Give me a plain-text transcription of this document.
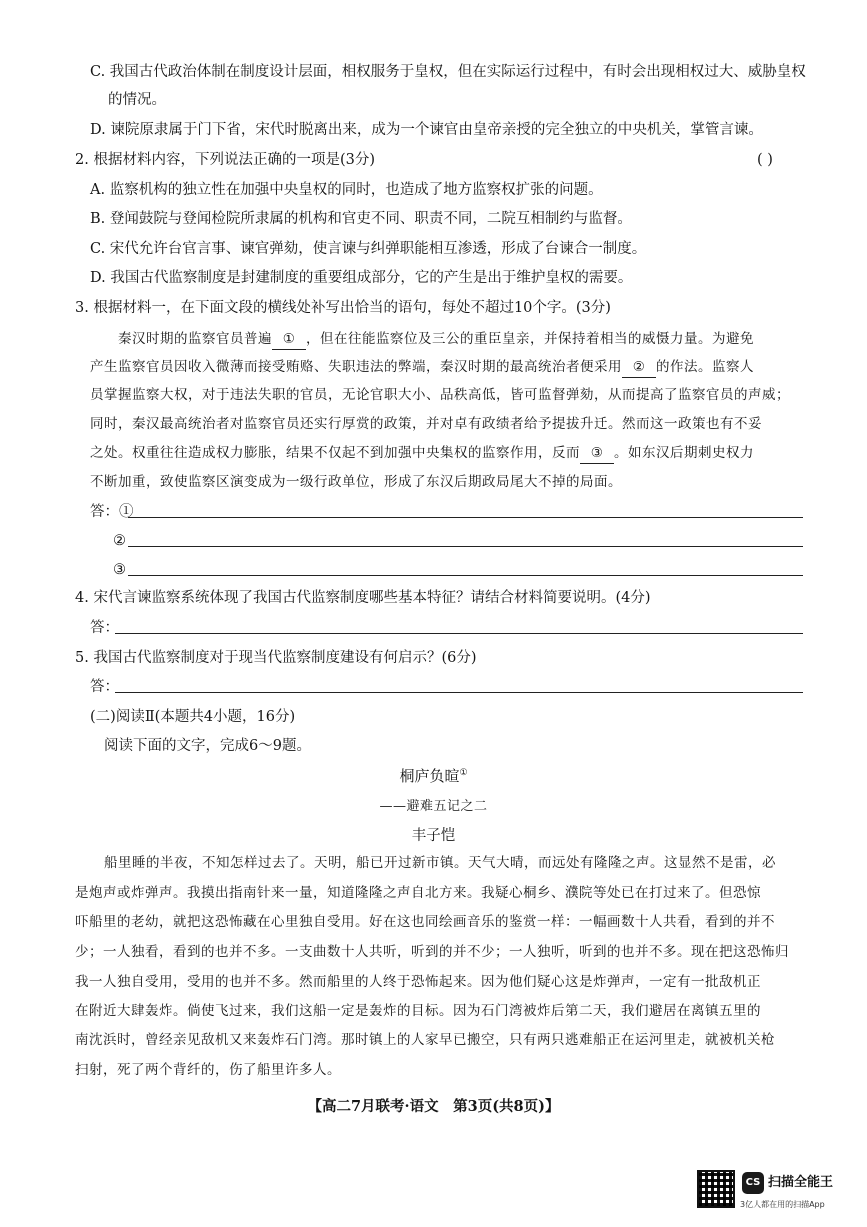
C. 我国古代政治体制在制度设计层面，相权服务于皇权，但在实际运行过程中，有时会出现相权过大、威胁皇权
的情况。
D. 谏院原隶属于门下省，宋代时脱离出来，成为一个谏官由皇帝亲授的完全独立的中央机关，掌管言谏。
2. 根据材料内容，下列说法正确的一项是(3分)	( )
A. 监察机构的独立性在加强中央皇权的同时，也造成了地方监察权扩张的问题。
B. 登闻鼓院与登闻检院所隶属的机构和官吏不同、职责不同，二院互相制约与监督。
C. 宋代允许台官言事、谏官弹劾，使言谏与纠弹职能相互渗透，形成了台谏合一制度。
D. 我国古代监察制度是封建制度的重要组成部分，它的产生是出于维护皇权的需要。
3. 根据材料一，在下面文段的横线处补写出恰当的语句，每处不超过10个字。(3分)
秦汉时期的监察官员普遍 ① ，但在往能监察位及三公的重臣皇亲，并保持着相当的威慑力量。为避免
产生监察官员因收入微薄而接受贿赂、失职违法的弊端，秦汉时期的最高统治者便采用 ② 的作法。监察人
员掌握监察大权，对于违法失职的官员，无论官职大小、品秩高低，皆可监督弹劾，从而提高了监察官员的声威；
同时，秦汉最高统治者对监察官员还实行厚赏的政策，并对卓有政绩者给予提拔升迁。然而这一政策也有不妥
之处。权重往往造成权力膨胀，结果不仅起不到加强中央集权的监察作用，反而 ③ 。如东汉后期刺史权力
不断加重，致使监察区演变成为一级行政单位，形成了东汉后期政局尾大不掉的局面。
答：①
②
③
4. 宋代言谏监察系统体现了我国古代监察制度哪些基本特征？请结合材料简要说明。(4分)
答：
5. 我国古代监察制度对于现当代监察制度建设有何启示？(6分)
答：
(二)阅读Ⅱ(本题共4小题，16分)
阅读下面的文字，完成6～9题。
桐庐负暄①
——避难五记之二
丰子恺
船里睡的半夜，不知怎样过去了。天明，船已开过新市镇。天气大晴，而远处有隆隆之声。这显然不是雷，必
是炮声或炸弹声。我摸出指南针来一量，知道隆隆之声自北方来。我疑心桐乡、濮院等处已在打过来了。但恐惊
吓船里的老幼，就把这恐怖藏在心里独自受用。好在这也同绘画音乐的鉴赏一样：一幅画数十人共看，看到的并不
少；一人独看，看到的也并不多。一支曲数十人共听，听到的并不少；一人独听，听到的也并不多。现在把这恐怖归
我一人独自受用，受用的也并不多。然而船里的人终于恐怖起来。因为他们疑心这是炸弹声，一定有一批敌机正
在附近大肆轰炸。倘使飞过来，我们这船一定是轰炸的目标。因为石门湾被炸后第二天，我们避居在离镇五里的
南沈浜时，曾经亲见敌机又来轰炸石门湾。那时镇上的人家早已搬空，只有两只逃难船正在运河里走，就被机关枪
扫射，死了两个背纤的，伤了船里许多人。
【高二7月联考·语文　第3页(共8页)】
CS 扫描全能王
3亿人都在用的扫描App
